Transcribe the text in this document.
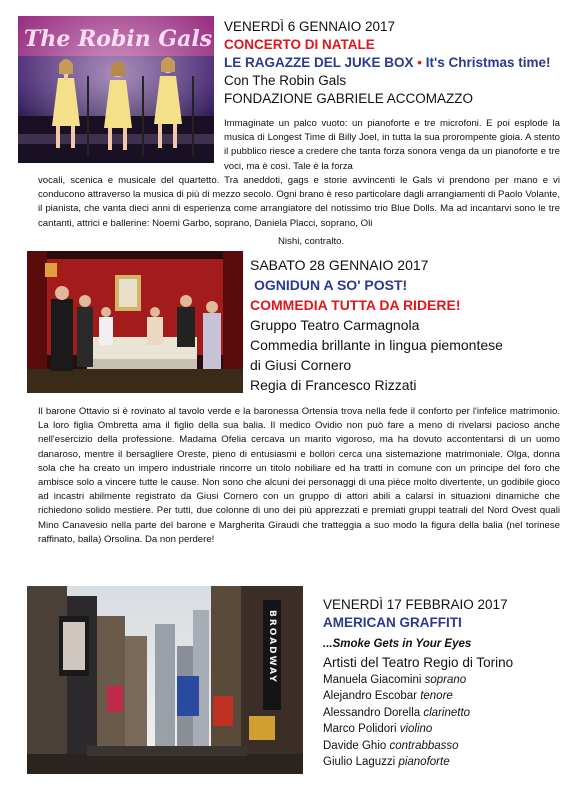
VENERDÌ 6 GENNAIO 2017
CONCERTO DI NATALE
LE RAGAZZE DEL JUKE BOX • It's Christmas time!
Con The Robin Gals
FONDAZIONE GABRIELE ACCOMAZZO
Immaginate un palco vuoto: un pianoforte e tre microfoni. E poi esplode la musica di Longest Time di Billy Joel, in tutta la sua prorompente gioia. A stento il pubblico riesce a credere che tanta forza sonora venga da un pianoforte e tre voci, ma è così. Tale è la forza
vocali, scenica e musicale del quartetto. Tra aneddoti, gags e storie avvincenti le Gals vi prendono per mano e vi conducono attraverso la musica di più di mezzo secolo. Ogni brano è reso particolare dagli arrangiamenti di Paolo Volante, il pianista, che vanta dieci anni di esperienza come arrangiatore del notissimo trio Blue Dolls. Ma ad incantarvi sono le tre cantanti, attrici e ballerine: Noemi Garbo, soprano, Daniela Placci, soprano, Oli
Nishi, contralto.
SABATO 28 GENNAIO 2017
OGNIDUN A SO' POST!
COMMEDIA TUTTA DA RIDERE!
Gruppo Teatro Carmagnola
Commedia brillante in lingua piemontese
di Giusi Cornero
Regia di Francesco Rizzati
Il barone Ottavio si è rovinato al tavolo verde e la baronessa Ortensia trova nella fede il conforto per l'infelice matrimonio. La loro figlia Ombretta ama il figlio della sua balia. Il medico Ovidio non può fare a meno di rivelarsi pacioso anche nell'esercizio della professione. Madama Ofelia cercava un marito vigoroso, ma ha dovuto accontentarsi di un uomo danaroso, mentre il bersagliere Oreste, pieno di entusiasmi e bollori cerca una sistemazione matrimoniale. Olga, donna sola che ha creato un impero industriale rincorre un titolo nobiliare ed ha tratti in comune con un principe del foro che ambisce solo a vincere tutte le cause. Non sono che alcuni dei personaggi di una pièce molto divertente, un godibile gioco ad incastri abilmente registrato da Giusi Cornero con un gruppo di attori abili a calarsi in situazioni dinamiche che richiedono solido mestiere. Per tutti, due colonne di uno dei più apprezzati e premiati gruppi teatrali del Nord Ovest quali Mino Canavesio nella parte del barone e Margherita Giraudi che tratteggia a suo modo la figura della balia (nel torinese raffinato, balla) Orsolina. Da non perdere!
BROADWAY
VENERDÌ 17 FEBBRAIO 2017
AMERICAN GRAFFITI
...Smoke Gets in Your Eyes
Artisti del Teatro Regio di Torino
Manuela Giacomini soprano
Alejandro Escobar tenore
Alessandro Dorella clarinetto
Marco Polidori violino
Davide Ghio contrabbasso
Giulio Laguzzi pianoforte
